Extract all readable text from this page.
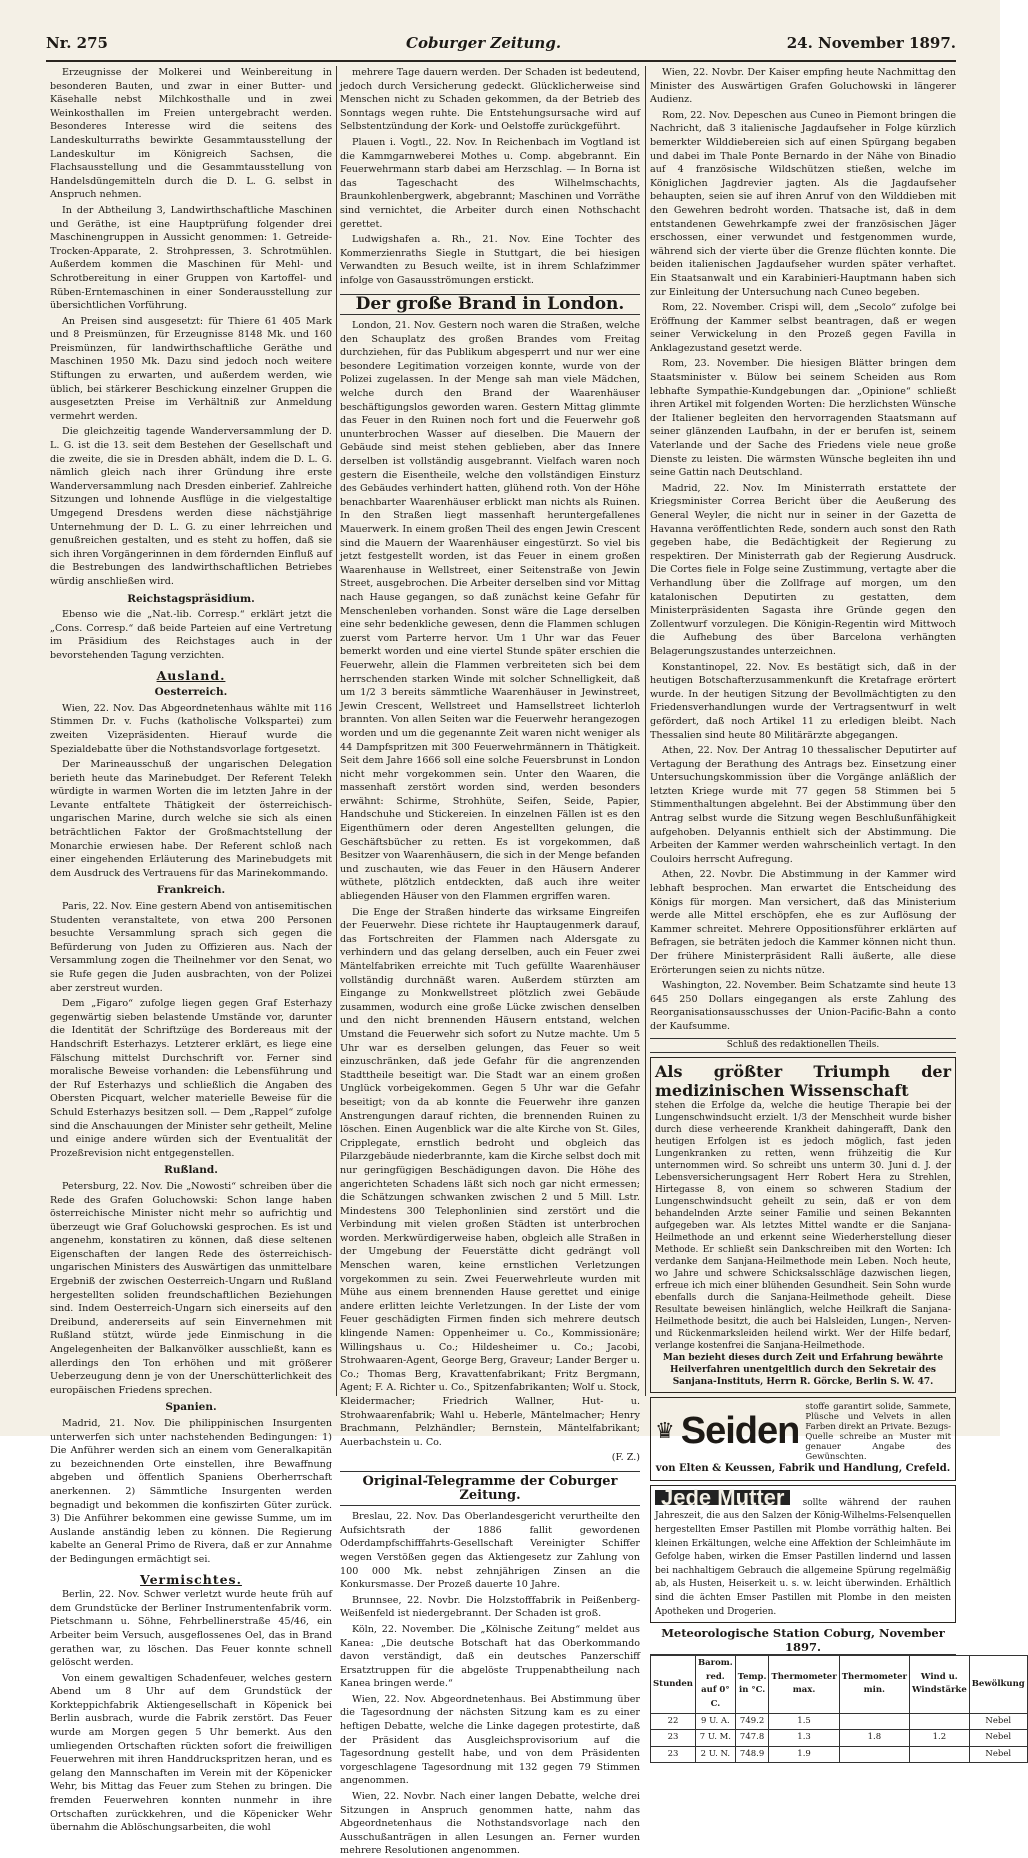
Nr. 275	Coburger Zeitung.	24. November 1897.

Erzeugnisse der Molkerei und Weinbereitung in besonderen Bauten, und zwar in einer Butter- und Käsehalle nebst Milchkosthalle und in zwei Weinkosthallen im Freien untergebracht werden. Besonderes Interesse wird die seitens des Landeskulturraths bewirkte Gesammtausstellung der Landeskultur im Königreich Sachsen, die Flachsausstellung und die Gesammtausstellung von Handelsdüngemitteln durch die D. L. G. selbst in Anspruch nehmen.

In der Abtheilung 3, Landwirthschaftliche Maschinen und Geräthe, ist eine Hauptprüfung folgender drei Maschinengruppen in Aussicht genommen: 1. Getreide-Trocken-Apparate, 2. Strohpressen, 3. Schrotmühlen. Außerdem kommen die Maschinen für Mehl- und Schrotbereitung in einer Gruppen von Kartoffel- und Rüben-Erntemaschinen in einer Sonderausstellung zur übersichtlichen Vorführung.

An Preisen sind ausgesetzt: für Thiere 61 405 Mark und 8 Preismünzen, für Erzeugnisse 8148 Mk. und 160 Preismünzen, für landwirthschaftliche Geräthe und Maschinen 1950 Mk. Dazu sind jedoch noch weitere Stiftungen zu erwarten, und außerdem werden, wie üblich, bei stärkerer Beschickung einzelner Gruppen die ausgesetzten Preise im Verhältniß zur Anmeldung vermehrt werden.

Die gleichzeitig tagende Wanderversammlung der D. L. G. ist die 13. seit dem Bestehen der Gesellschaft und die zweite, die sie in Dresden abhält, indem die D. L. G. nämlich gleich nach ihrer Gründung ihre erste Wanderversammlung nach Dresden einberief. Zahlreiche Sitzungen und lohnende Ausflüge in die vielgestaltige Umgegend Dresdens werden diese nächstjährige Unternehmung der D. L. G. zu einer lehrreichen und genußreichen gestalten, und es steht zu hoffen, daß sie sich ihren Vorgängerinnen in dem fördernden Einfluß auf die Bestrebungen des landwirthschaftlichen Betriebes würdig anschließen wird.

Reichstagspräsidium.

Ebenso wie die „Nat.-lib. Corresp.“ erklärt jetzt die „Cons. Corresp.“ daß beide Parteien auf eine Vertretung im Präsidium des Reichstages auch in der bevorstehenden Tagung verzichten.

Ausland.
Oesterreich.

Wien, 22. Nov. Das Abgeordnetenhaus wählte mit 116 Stimmen Dr. v. Fuchs (katholische Volkspartei) zum zweiten Vizepräsidenten. Hierauf wurde die Spezialdebatte über die Nothstandsvorlage fortgesetzt.

Der Marineausschuß der ungarischen Delegation berieth heute das Marinebudget. Der Referent Telekh würdigte in warmen Worten die im letzten Jahre in der Levante entfaltete Thätigkeit der österreichisch-ungarischen Marine, durch welche sie sich als einen beträchtlichen Faktor der Großmachtstellung der Monarchie erwiesen habe. Der Referent schloß nach einer eingehenden Erläuterung des Marinebudgets mit dem Ausdruck des Vertrauens für das Marinekommando.

Frankreich.

Paris, 22. Nov. Eine gestern Abend von antisemitischen Studenten veranstaltete, von etwa 200 Personen besuchte Versammlung sprach sich gegen die Befürderung von Juden zu Offizieren aus. Nach der Versammlung zogen die Theilnehmer vor den Senat, wo sie Rufe gegen die Juden ausbrachten, von der Polizei aber zerstreut wurden.

Dem „Figaro“ zufolge liegen gegen Graf Esterhazy gegenwärtig sieben belastende Umstände vor, darunter die Identität der Schriftzüge des Bordereaus mit der Handschrift Esterhazys. Letzterer erklärt, es liege eine Fälschung mittelst Durchschrift vor. Ferner sind moralische Beweise vorhanden: die Lebensführung und der Ruf Esterhazys und schließlich die Angaben des Obersten Picquart, welcher materielle Beweise für die Schuld Esterhazys besitzen soll. — Dem „Rappel“ zufolge sind die Anschauungen der Minister sehr getheilt, Meline und einige andere würden sich der Eventualität der Prozeßrevision nicht entgegenstellen.

Rußland.

Petersburg, 22. Nov. Die „Nowosti“ schreiben über die Rede des Grafen Goluchowski: Schon lange haben österreichische Minister nicht mehr so aufrichtig und überzeugt wie Graf Goluchowski gesprochen. Es ist und angenehm, konstatiren zu können, daß diese seltenen Eigenschaften der langen Rede des österreichisch-ungarischen Ministers des Auswärtigen das unmittelbare Ergebniß der zwischen Oesterreich-Ungarn und Rußland hergestellten soliden freundschaftlichen Beziehungen sind. Indem Oesterreich-Ungarn sich einerseits auf den Dreibund, andererseits auf sein Einvernehmen mit Rußland stützt, würde jede Einmischung in die Angelegenheiten der Balkanvölker ausschließt, kann es allerdings den Ton erhöhen und mit größerer Ueberzeugung denn je von der Unerschütterlichkeit des europäischen Friedens sprechen.

Spanien.

Madrid, 21. Nov. Die philippinischen Insurgenten unterwerfen sich unter nachstehenden Bedingungen: 1) Die Anführer werden sich an einem vom Generalkapitän zu bezeichnenden Orte einstellen, ihre Bewaffnung abgeben und öffentlich Spaniens Oberherrschaft anerkennen. 2) Sämmtliche Insurgenten werden begnadigt und bekommen die konfiszirten Güter zurück. 3) Die Anführer bekommen eine gewisse Summe, um im Auslande anständig leben zu können. Die Regierung kabelte an General Primo de Rivera, daß er zur Annahme der Bedingungen ermächtigt sei.

Vermischtes.

Berlin, 22. Nov. Schwer verletzt wurde heute früh auf dem Grundstücke der Berliner Instrumentenfabrik vorm. Pietschmann u. Söhne, Fehrbellinerstraße 45/46, ein Arbeiter beim Versuch, ausgeflossenes Oel, das in Brand gerathen war, zu löschen. Das Feuer konnte schnell gelöscht werden.

Von einem gewaltigen Schadenfeuer, welches gestern Abend um 8 Uhr auf dem Grundstück der Korkteppichfabrik Aktiengesellschaft in Köpenick bei Berlin ausbrach, wurde die Fabrik zerstört. Das Feuer wurde am Morgen gegen 5 Uhr bemerkt. Aus den umliegenden Ortschaften rückten sofort die freiwilligen Feuerwehren mit ihren Handdruckspritzen heran, und es gelang den Mannschaften im Verein mit der Köpenicker Wehr, bis Mittag das Feuer zum Stehen zu bringen. Die fremden Feuerwehren konnten nunmehr in ihre Ortschaften zurückkehren, und die Köpenicker Wehr übernahm die Ablöschungsarbeiten, die wohl

mehrere Tage dauern werden. Der Schaden ist bedeutend, jedoch durch Versicherung gedeckt. Glücklicherweise sind Menschen nicht zu Schaden gekommen, da der Betrieb des Sonntags wegen ruhte. Die Entstehungsursache wird auf Selbstentzündung der Kork- und Oelstoffe zurückgeführt.

Plauen i. Vogtl., 22. Nov. In Reichenbach im Vogtland ist die Kammgarnweberei Mothes u. Comp. abgebrannt. Ein Feuerwehrmann starb dabei am Herzschlag. — In Borna ist das Tageschacht des Wilhelmschachts, Braunkohlenbergwerk, abgebrannt; Maschinen und Vorräthe sind vernichtet, die Arbeiter durch einen Nothschacht gerettet.

Ludwigshafen a. Rh., 21. Nov. Eine Tochter des Kommerzienraths Siegle in Stuttgart, die bei hiesigen Verwandten zu Besuch weilte, ist in ihrem Schlafzimmer infolge von Gasausströmungen erstickt.

Der große Brand in London.

London, 21. Nov. Gestern noch waren die Straßen, welche den Schauplatz des großen Brandes vom Freitag durchziehen, für das Publikum abgesperrt und nur wer eine besondere Legitimation vorzeigen konnte, wurde von der Polizei zugelassen. In der Menge sah man viele Mädchen, welche durch den Brand der Waarenhäuser beschäftigungslos geworden waren. Gestern Mittag glimmte das Feuer in den Ruinen noch fort und die Feuerwehr goß ununterbrochen Wasser auf dieselben. Die Mauern der Gebäude sind meist stehen geblieben, aber das Innere derselben ist vollständig ausgebrannt. Vielfach waren noch gestern die Eisentheile, welche den vollständigen Einsturz des Gebäudes verhindert hatten, glühend roth. Von der Höhe benachbarter Waarenhäuser erblickt man nichts als Ruinen. In den Straßen liegt massenhaft heruntergefallenes Mauerwerk. In einem großen Theil des engen Jewin Crescent sind die Mauern der Waarenhäuser eingestürzt. So viel bis jetzt festgestellt worden, ist das Feuer in einem großen Waarenhause in Wellstreet, einer Seitenstraße von Jewin Street, ausgebrochen. Die Arbeiter derselben sind vor Mittag nach Hause gegangen, so daß zunächst keine Gefahr für Menschenleben vorhanden. Sonst wäre die Lage derselben eine sehr bedenkliche gewesen, denn die Flammen schlugen zuerst vom Parterre hervor. Um 1 Uhr war das Feuer bemerkt worden und eine viertel Stunde später erschien die Feuerwehr, allein die Flammen verbreiteten sich bei dem herrschenden starken Winde mit solcher Schnelligkeit, daß um 1/2 3 bereits sämmtliche Waarenhäuser in Jewinstreet, Jewin Crescent, Wellstreet und Hamsellstreet lichterloh brannten. Von allen Seiten war die Feuerwehr herangezogen worden und um die gegenannte Zeit waren nicht weniger als 44 Dampfspritzen mit 300 Feuerwehrmännern in Thätigkeit. Seit dem Jahre 1666 soll eine solche Feuersbrunst in London nicht mehr vorgekommen sein. Unter den Waaren, die massenhaft zerstört worden sind, werden besonders erwähnt: Schirme, Strohhüte, Seifen, Seide, Papier, Handschuhe und Stickereien. In einzelnen Fällen ist es den Eigenthümern oder deren Angestellten gelungen, die Geschäftsbücher zu retten. Es ist vorgekommen, daß Besitzer von Waarenhäusern, die sich in der Menge befanden und zuschauten, wie das Feuer in den Häusern Anderer wüthete, plötzlich entdeckten, daß auch ihre weiter abliegenden Häuser von den Flammen ergriffen waren.

Die Enge der Straßen hinderte das wirksame Eingreifen der Feuerwehr. Diese richtete ihr Hauptaugenmerk darauf, das Fortschreiten der Flammen nach Aldersgate zu verhindern und das gelang derselben, auch ein Feuer zwei Mäntelfabriken erreichte mit Tuch gefüllte Waarenhäuser vollständig durchnäßt waren. Außerdem stürzten am Eingange zu Monkwellstreet plötzlich zwei Gebäude zusammen, wodurch eine große Lücke zwischen denselben und den nicht brennenden Häusern entstand, welchen Umstand die Feuerwehr sich sofort zu Nutze machte. Um 5 Uhr war es derselben gelungen, das Feuer so weit einzuschränken, daß jede Gefahr für die angrenzenden Stadttheile beseitigt war. Die Stadt war an einem großen Unglück vorbeigekommen. Gegen 5 Uhr war die Gefahr beseitigt; von da ab konnte die Feuerwehr ihre ganzen Anstrengungen darauf richten, die brennenden Ruinen zu löschen. Einen Augenblick war die alte Kirche von St. Giles, Cripplegate, ernstlich bedroht und obgleich das Pilarzgebäude niederbrannte, kam die Kirche selbst doch mit nur geringfügigen Beschädigungen davon. Die Höhe des angerichteten Schadens läßt sich noch gar nicht ermessen; die Schätzungen schwanken zwischen 2 und 5 Mill. Lstr. Mindestens 300 Telephonlinien sind zerstört und die Verbindung mit vielen großen Städten ist unterbrochen worden. Merkwürdigerweise haben, obgleich alle Straßen in der Umgebung der Feuerstätte dicht gedrängt voll Menschen waren, keine ernstlichen Verletzungen vorgekommen zu sein. Zwei Feuerwehrleute wurden mit Mühe aus einem brennenden Hause gerettet und einige andere erlitten leichte Verletzungen. In der Liste der vom Feuer geschädigten Firmen finden sich mehrere deutsch klingende Namen: Oppenheimer u. Co., Kommissionäre; Willingshaus u. Co.; Hildesheimer u. Co.; Jacobi, Strohwaaren-Agent, George Berg, Graveur; Lander Berger u. Co.; Thomas Berg, Kravattenfabrikant; Fritz Bergmann, Agent; F. A. Richter u. Co., Spitzenfabrikanten; Wolf u. Stock, Kleidermacher; Friedrich Wallner, Hut- u. Strohwaarenfabrik; Wahl u. Heberle, Mäntelmacher; Henry Brachmann, Pelzhändler; Bernstein, Mäntelfabrikant; Auerbachstein u. Co.

(F. Z.)
Original-Telegramme der Coburger Zeitung.

Breslau, 22. Nov. Das Oberlandesgericht verurtheilte den Aufsichtsrath der 1886 fallit gewordenen Oderdampfschifffahrts-Gesellschaft Vereinigter Schiffer wegen Verstößen gegen das Aktiengesetz zur Zahlung von 100 000 Mk. nebst zehnjährigen Zinsen an die Konkursmasse. Der Prozeß dauerte 10 Jahre.

Brunnsee, 22. Novbr. Die Holzstofffabrik in Peißenberg-Weißenfeld ist niedergebrannt. Der Schaden ist groß.

Köln, 22. November. Die „Kölnische Zeitung“ meldet aus Kanea: „Die deutsche Botschaft hat das Oberkommando davon verständigt, daß ein deutsches Panzerschiff Ersatztruppen für die abgelöste Truppenabtheilung nach Kanea bringen werde.“

Wien, 22. Nov. Abgeordnetenhaus. Bei Abstimmung über die Tagesordnung der nächsten Sitzung kam es zu einer heftigen Debatte, welche die Linke dagegen protestirte, daß der Präsident das Ausgleichsprovisorium auf die Tagesordnung gestellt habe, und von dem Präsidenten vorgeschlagene Tagesordnung mit 132 gegen 79 Stimmen angenommen.

Wien, 22. Novbr. Nach einer langen Debatte, welche drei Sitzungen in Anspruch genommen hatte, nahm das Abgeordnetenhaus die Nothstandsvorlage nach den Ausschußanträgen in allen Lesungen an. Ferner wurden mehrere Resolutionen angenommen.

Wien, 22. Novbr. Der Kaiser empfing heute Nachmittag den Minister des Auswärtigen Grafen Goluchowski in längerer Audienz.

Rom, 22. Nov. Depeschen aus Cuneo in Piemont bringen die Nachricht, daß 3 italienische Jagdaufseher in Folge kürzlich bemerkter Wilddiebereien sich auf einen Spürgang begaben und dabei im Thale Ponte Bernardo in der Nähe von Binadio auf 4 französische Wildschützen stießen, welche im Königlichen Jagdrevier jagten. Als die Jagdaufseher behaupten, seien sie auf ihren Anruf von den Wilddieben mit den Gewehren bedroht worden. Thatsache ist, daß in dem entstandenen Gewehrkampfe zwei der französischen Jäger erschossen, einer verwundet und festgenommen wurde, während sich der vierte über die Grenze flüchten konnte. Die beiden italienischen Jagdaufseher wurden später verhaftet. Ein Staatsanwalt und ein Karabinieri-Hauptmann haben sich zur Einleitung der Untersuchung nach Cuneo begeben.

Rom, 22. November. Crispi will, dem „Secolo“ zufolge bei Eröffnung der Kammer selbst beantragen, daß er wegen seiner Verwickelung in den Prozeß gegen Favilla in Anklagezustand gesetzt werde.

Rom, 23. November. Die hiesigen Blätter bringen dem Staatsminister v. Bülow bei seinem Scheiden aus Rom lebhafte Sympathie-Kundgebungen dar. „Opinione“ schließt ihren Artikel mit folgenden Worten: Die herzlichsten Wünsche der Italiener begleiten den hervorragenden Staatsmann auf seiner glänzenden Laufbahn, in der er berufen ist, seinem Vaterlande und der Sache des Friedens viele neue große Dienste zu leisten. Die wärmsten Wünsche begleiten ihn und seine Gattin nach Deutschland.

Madrid, 22. Nov. Im Ministerrath erstattete der Kriegsminister Correa Bericht über die Aeußerung des General Weyler, die nicht nur in seiner in der Gazetta de Havanna veröffentlichten Rede, sondern auch sonst den Rath gegeben habe, die Bedächtigkeit der Regierung zu respektiren. Der Ministerrath gab der Regierung Ausdruck. Die Cortes fiele in Folge seine Zustimmung, vertagte aber die Verhandlung über die Zollfrage auf morgen, um den katalonischen Deputirten zu gestatten, dem Ministerpräsidenten Sagasta ihre Gründe gegen den Zollentwurf vorzulegen. Die Königin-Regentin wird Mittwoch die Aufhebung des über Barcelona verhängten Belagerungszustandes unterzeichnen.

Konstantinopel, 22. Nov. Es bestätigt sich, daß in der heutigen Botschafterzusammenkunft die Kretafrage erörtert wurde. In der heutigen Sitzung der Bevollmächtigten zu den Friedensverhandlungen wurde der Vertragsentwurf in welt gefördert, daß noch Artikel 11 zu erledigen bleibt. Nach Thessalien sind heute 80 Militärärzte abgegangen.

Athen, 22. Nov. Der Antrag 10 thessalischer Deputirter auf Vertagung der Berathung des Antrags bez. Einsetzung einer Untersuchungskommission über die Vorgänge anläßlich der letzten Kriege wurde mit 77 gegen 58 Stimmen bei 5 Stimmenthaltungen abgelehnt. Bei der Abstimmung über den Antrag selbst wurde die Sitzung wegen Beschlußunfähigkeit aufgehoben. Delyannis enthielt sich der Abstimmung. Die Arbeiten der Kammer werden wahrscheinlich vertagt. In den Couloirs herrscht Aufregung.

Athen, 22. Novbr. Die Abstimmung in der Kammer wird lebhaft besprochen. Man erwartet die Entscheidung des Königs für morgen. Man versichert, daß das Ministerium werde alle Mittel erschöpfen, ehe es zur Auflösung der Kammer schreitet. Mehrere Oppositionsführer erklärten auf Befragen, sie beträten jedoch die Kammer können nicht thun. Der frühere Ministerpräsident Ralli äußerte, alle diese Erörterungen seien zu nichts nütze.

Washington, 22. November. Beim Schatzamte sind heute 13 645 250 Dollars eingegangen als erste Zahlung des Reorganisationsausschusses der Union-Pacific-Bahn a conto der Kaufsumme.

Schluß des redaktionellen Theils.
Als größter Triumph der medizinischen Wissenschaft
stehen die Erfolge da, welche die heutige Therapie bei der Lungenschwindsucht erzielt. 1/3 der Menschheit wurde bisher durch diese verheerende Krankheit dahingerafft, Dank den heutigen Erfolgen ist es jedoch möglich, fast jeden Lungenkranken zu retten, wenn frühzeitig die Kur unternommen wird. So schreibt uns unterm 30. Juni d. J. der Lebensversicherungsagent Herr Robert Hera zu Strehlen, Hirtegasse 8, von einem so schweren Stadium der Lungenschwindsucht geheilt zu sein, daß er von dem behandelnden Arzte seiner Familie und seinen Bekannten aufgegeben war. Als letztes Mittel wandte er die Sanjana-Heilmethode an und erkennt seine Wiederherstellung dieser Methode. Er schließt sein Dankschreiben mit den Worten: Ich verdanke dem Sanjana-Heilmethode mein Leben. Noch heute, wo Jahre und schwere Schicksalsschläge dazwischen liegen, erfreue ich mich einer blühenden Gesundheit. Sein Sohn wurde ebenfalls durch die Sanjana-Heilmethode geheilt. Diese Resultate beweisen hinlänglich, welche Heilkraft die Sanjana-Heilmethode besitzt, die auch bei Halsleiden, Lungen-, Nerven- und Rückenmarksleiden heilend wirkt. Wer der Hilfe bedarf, verlange kostenfrei die Sanjana-Heilmethode.
Man bezieht dieses durch Zeit und Erfahrung bewährte Heilverfahren unentgeltlich durch den Sekretair des Sanjana-Instituts, Herrn R. Görcke, Berlin S. W. 47.
♛ Seiden
stoffe garantirt solide, Sammete, Plüsche und Velvets in allen Farben direkt an Private. Bezugs-Quelle schreibe an Muster mit genauer Angabe des Gewünschten.
von Elten & Keussen, Fabrik und Handlung, Crefeld.
Jede Mutter sollte während der rauhen Jahreszeit, die aus den Salzen der König-Wilhelms-Felsenquellen hergestellten Emser Pastillen mit Plombe vorräthig halten. Bei kleinen Erkältungen, welche eine Affektion der Schleimhäute im Gefolge haben, wirken die Emser Pastillen lindernd und lassen bei nachhaltigem Gebrauch die allgemeine Spürung regelmäßig ab, als Husten, Heiserkeit u. s. w. leicht überwinden. Erhältlich sind die ächten Emser Pastillen mit Plombe in den meisten Apotheken und Drogerien.
Meteorologische Station Coburg, November 1897.
Stunden	Barom. red. auf 0° C.	Temp. in °C.	Thermometer max.	Thermometer min.	Wind u. Windstärke	Bewölkung
22	9 U. A.	749.2	1.5			Nebel
23	7 U. M.	747.8	1.3	1.8	1.2	Nebel
23	2 U. N.	748.9	1.9			Nebel
